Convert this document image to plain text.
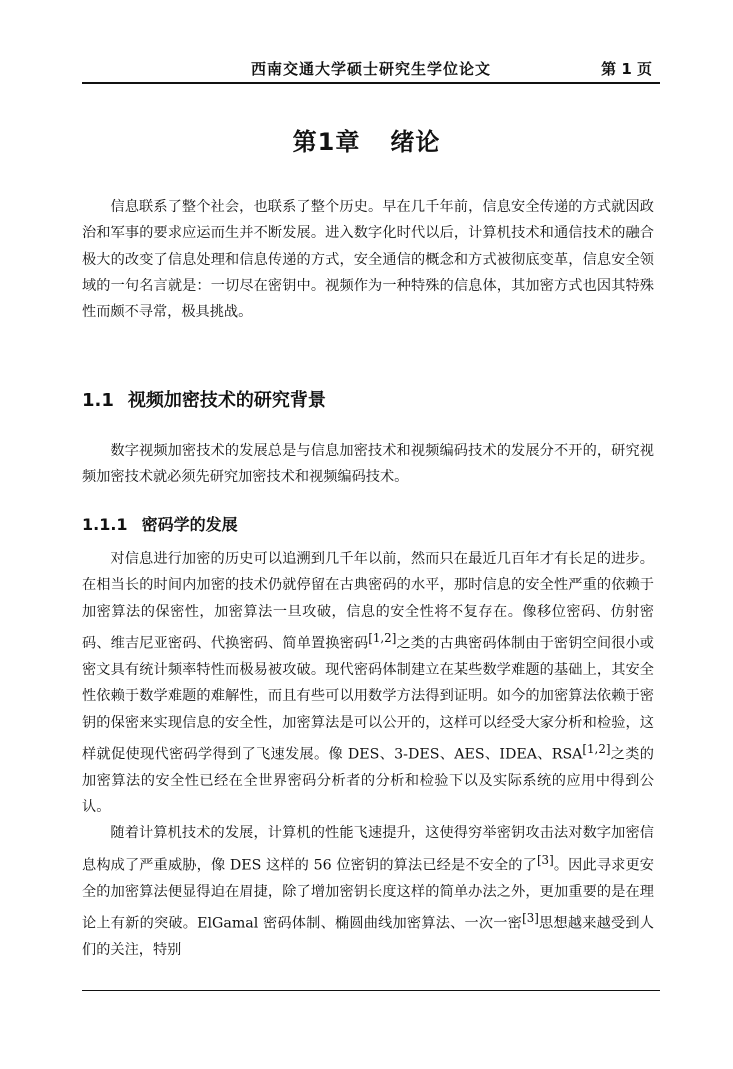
西南交通大学硕士研究生学位论文	第 1 页
第1章 绪论

信息联系了整个社会，也联系了整个历史。早在几千年前，信息安全传递的方式就因政治和军事的要求应运而生并不断发展。进入数字化时代以后，计算机技术和通信技术的融合极大的改变了信息处理和信息传递的方式，安全通信的概念和方式被彻底变革，信息安全领域的一句名言就是：一切尽在密钥中。视频作为一种特殊的信息体，其加密方式也因其特殊性而颇不寻常，极具挑战。

1.1 视频加密技术的研究背景

数字视频加密技术的发展总是与信息加密技术和视频编码技术的发展分不开的，研究视频加密技术就必须先研究加密技术和视频编码技术。

1.1.1 密码学的发展

对信息进行加密的历史可以追溯到几千年以前，然而只在最近几百年才有长足的进步。在相当长的时间内加密的技术仍就停留在古典密码的水平，那时信息的安全性严重的依赖于加密算法的保密性，加密算法一旦攻破，信息的安全性将不复存在。像移位密码、仿射密码、维吉尼亚密码、代换密码、简单置换密码[1,2]之类的古典密码体制由于密钥空间很小或密文具有统计频率特性而极易被攻破。现代密码体制建立在某些数学难题的基础上，其安全性依赖于数学难题的难解性，而且有些可以用数学方法得到证明。如今的加密算法依赖于密钥的保密来实现信息的安全性，加密算法是可以公开的，这样可以经受大家分析和检验，这样就促使现代密码学得到了飞速发展。像 DES、3-DES、AES、IDEA、RSA[1,2]之类的加密算法的安全性已经在全世界密码分析者的分析和检验下以及实际系统的应用中得到公认。

随着计算机技术的发展，计算机的性能飞速提升，这使得穷举密钥攻击法对数字加密信息构成了严重威胁，像 DES 这样的 56 位密钥的算法已经是不安全的了[3]。因此寻求更安全的加密算法便显得迫在眉捷，除了增加密钥长度这样的简单办法之外，更加重要的是在理论上有新的突破。ElGamal 密码体制、椭圆曲线加密算法、一次一密[3]思想越来越受到人们的关注，特别
